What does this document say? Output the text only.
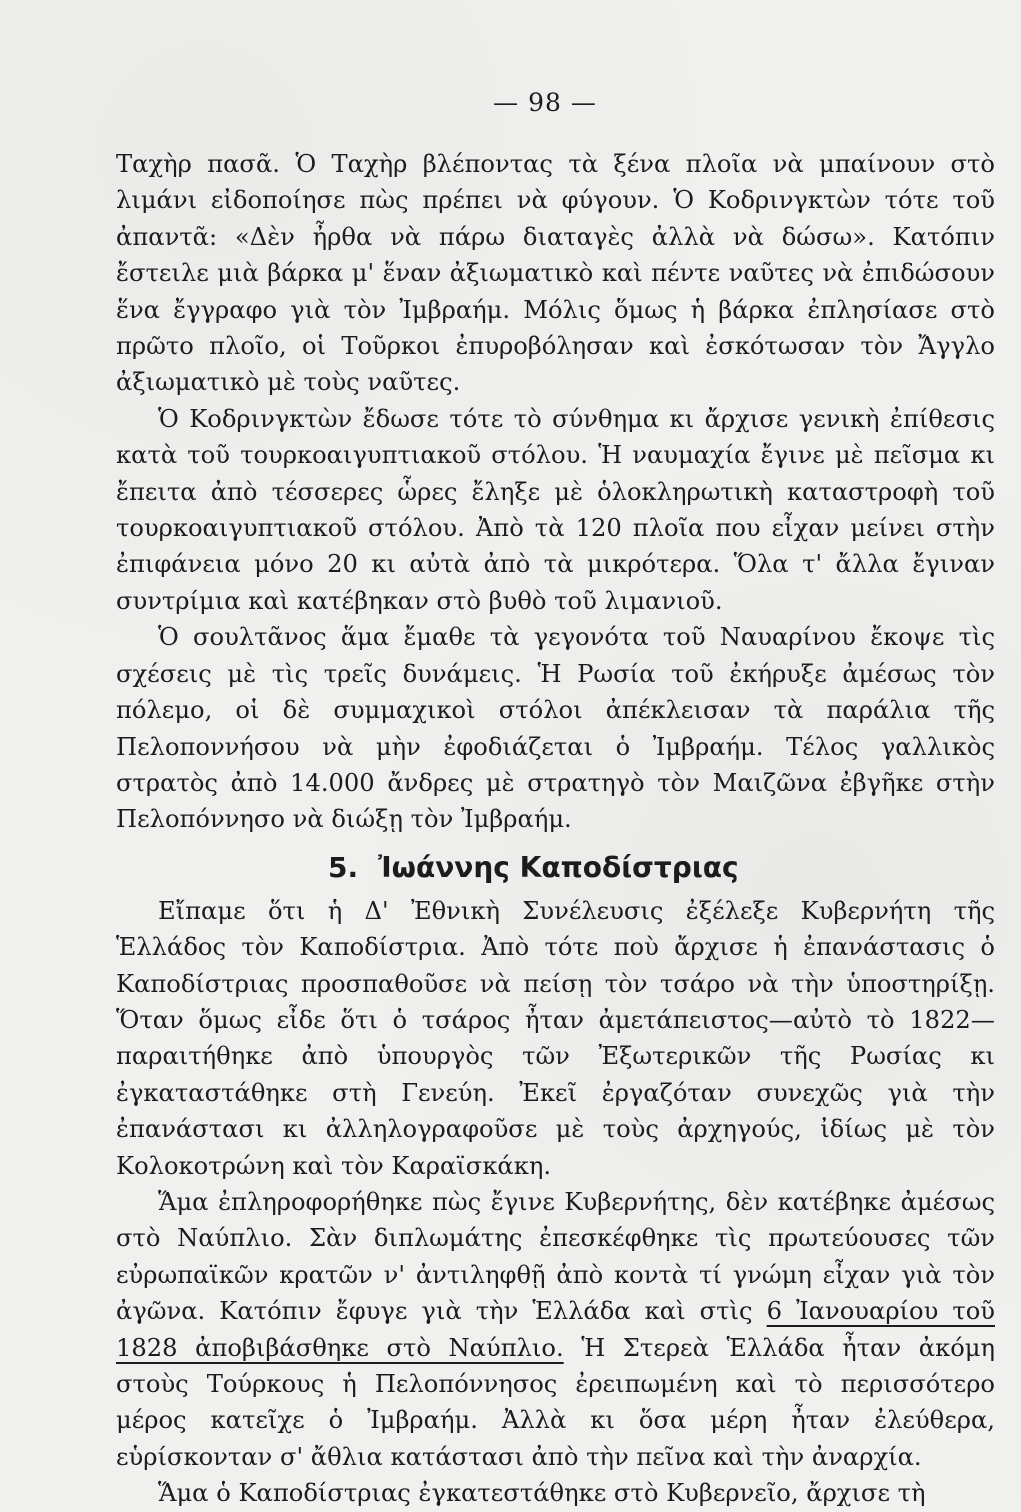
— 98 —

Ταχὴρ πασᾶ. Ὁ Ταχὴρ βλέποντας τὰ ξένα πλοῖα νὰ μπαίνουν στὸ λιμάνι εἰδοποίησε πὼς πρέπει νὰ φύγουν. Ὁ Κοδρινγκτὼν τότε τοῦ ἀπαντᾶ: «Δὲν ἦρθα νὰ πάρω διαταγὲς ἀλλὰ νὰ δώσω». Κατόπιν ἔστειλε μιὰ βάρκα μ' ἕναν ἀξιωματικὸ καὶ πέντε ναῦτες νὰ ἐπιδώσουν ἕνα ἔγγραφο γιὰ τὸν Ἰμβραήμ. Μόλις ὅμως ἡ βάρκα ἐπλησίασε στὸ πρῶτο πλοῖο, οἱ Τοῦρκοι ἐπυροβόλησαν καὶ ἐσκότωσαν τὸν Ἄγγλο ἀξιωματικὸ μὲ τοὺς ναῦτες.

Ὁ Κοδρινγκτὼν ἔδωσε τότε τὸ σύνθημα κι ἄρχισε γενικὴ ἐπίθεσις κατὰ τοῦ τουρκοαιγυπτιακοῦ στόλου. Ἡ ναυμαχία ἔγινε μὲ πεῖσμα κι ἔπειτα ἀπὸ τέσσερες ὧρες ἔληξε μὲ ὁλοκληρωτικὴ καταστροφὴ τοῦ τουρκοαιγυπτιακοῦ στόλου. Ἀπὸ τὰ 120 πλοῖα που εἶχαν μείνει στὴν ἐπιφάνεια μόνο 20 κι αὐτὰ ἀπὸ τὰ μικρότερα. Ὅλα τ' ἄλλα ἔγιναν συντρίμια καὶ κατέβηκαν στὸ βυθὸ τοῦ λιμανιοῦ.

Ὁ σουλτᾶνος ἅμα ἔμαθε τὰ γεγονότα τοῦ Ναυαρίνου ἔκοψε τὶς σχέσεις μὲ τὶς τρεῖς δυνάμεις. Ἡ Ρωσία τοῦ ἐκήρυξε ἀμέσως τὸν πόλεμο, οἱ δὲ συμμαχικοὶ στόλοι ἀπέκλεισαν τὰ παράλια τῆς Πελοποννήσου νὰ μὴν ἐφοδιάζεται ὁ Ἰμβραήμ. Τέλος γαλλικὸς στρατὸς ἀπὸ 14.000 ἄνδρες μὲ στρατηγὸ τὸν Μαιζῶνα ἐβγῆκε στὴν Πελοπόννησο νὰ διώξῃ τὸν Ἰμβραήμ.

5. Ἰωάννης Καποδίστριας

Εἴπαμε ὅτι ἡ Δ' Ἐθνικὴ Συνέλευσις ἐξέλεξε Κυβερνήτη τῆς Ἑλλάδος τὸν Καποδίστρια. Ἀπὸ τότε ποὺ ἄρχισε ἡ ἐπανάστασις ὁ Καποδίστριας προσπαθοῦσε νὰ πείσῃ τὸν τσάρο νὰ τὴν ὑποστηρίξῃ. Ὅταν ὅμως εἶδε ὅτι ὁ τσάρος ἦταν ἀμετάπειστος—αὐτὸ τὸ 1822—παραιτήθηκε ἀπὸ ὑπουργὸς τῶν Ἐξωτερικῶν τῆς Ρωσίας κι ἐγκαταστάθηκε στὴ Γενεύη. Ἐκεῖ ἐργαζόταν συνεχῶς γιὰ τὴν ἐπανάστασι κι ἀλληλογραφοῦσε μὲ τοὺς ἀρχηγούς, ἰδίως μὲ τὸν Κολοκοτρώνη καὶ τὸν Καραϊσκάκη.

Ἅμα ἐπληροφορήθηκε πὼς ἔγινε Κυβερνήτης, δὲν κατέβηκε ἀμέσως στὸ Ναύπλιο. Σὰν διπλωμάτης ἐπεσκέφθηκε τὶς πρωτεύουσες τῶν εὐρωπαϊκῶν κρατῶν ν' ἀντιληφθῇ ἀπὸ κοντὰ τί γνώμη εἶχαν γιὰ τὸν ἀγῶνα. Κατόπιν ἔφυγε γιὰ τὴν Ἑλλάδα καὶ στὶς 6 Ἰανουαρίου τοῦ 1828 ἀποβιβάσθηκε στὸ Ναύπλιο. Ἡ Στερεὰ Ἑλλάδα ἦταν ἀκόμη στοὺς Τούρκους ἡ Πελοπόννησος ἐρειπωμένη καὶ τὸ περισσότερο μέρος κατεῖχε ὁ Ἰμβραήμ. Ἀλλὰ κι ὅσα μέρη ἦταν ἐλεύθερα, εὑρίσκονταν σ' ἄθλια κατάστασι ἀπὸ τὴν πεῖνα καὶ τὴν ἀναρχία.

Ἅμα ὁ Καποδίστριας ἐγκατεστάθηκε στὸ Κυβερνεῖο, ἄρχισε τὴ
